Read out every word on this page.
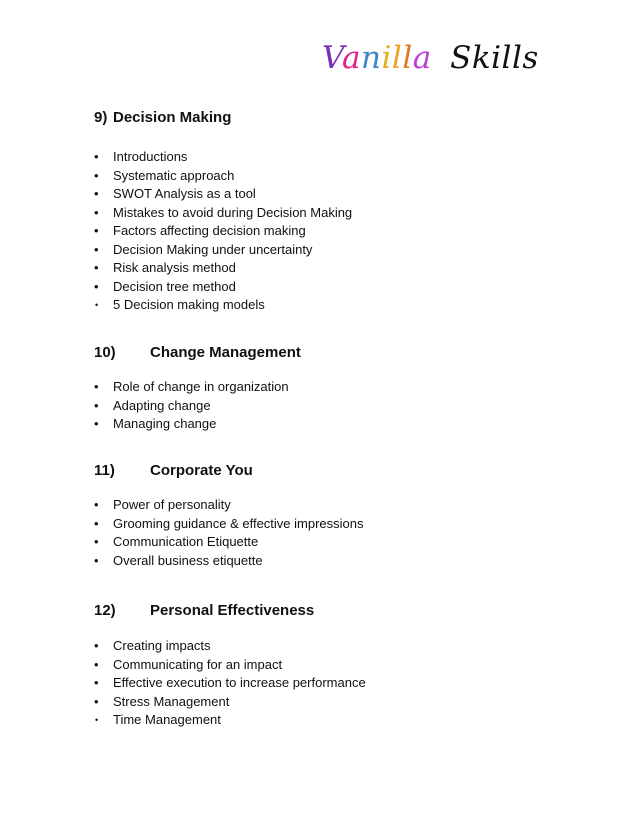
Vanilla Skills
9) Decision Making
• Introductions
• Systematic approach
• SWOT Analysis as a tool
• Mistakes to avoid during Decision Making
• Factors affecting decision making
• Decision Making under uncertainty
• Risk analysis method
• Decision tree method
• 5 Decision making models
10) Change Management
• Role of change in organization
• Adapting change
• Managing change
11) Corporate You
• Power of personality
• Grooming guidance & effective impressions
• Communication Etiquette
• Overall business etiquette
12) Personal Effectiveness
• Creating impacts
• Communicating for an impact
• Effective execution to increase performance
• Stress Management
• Time Management
